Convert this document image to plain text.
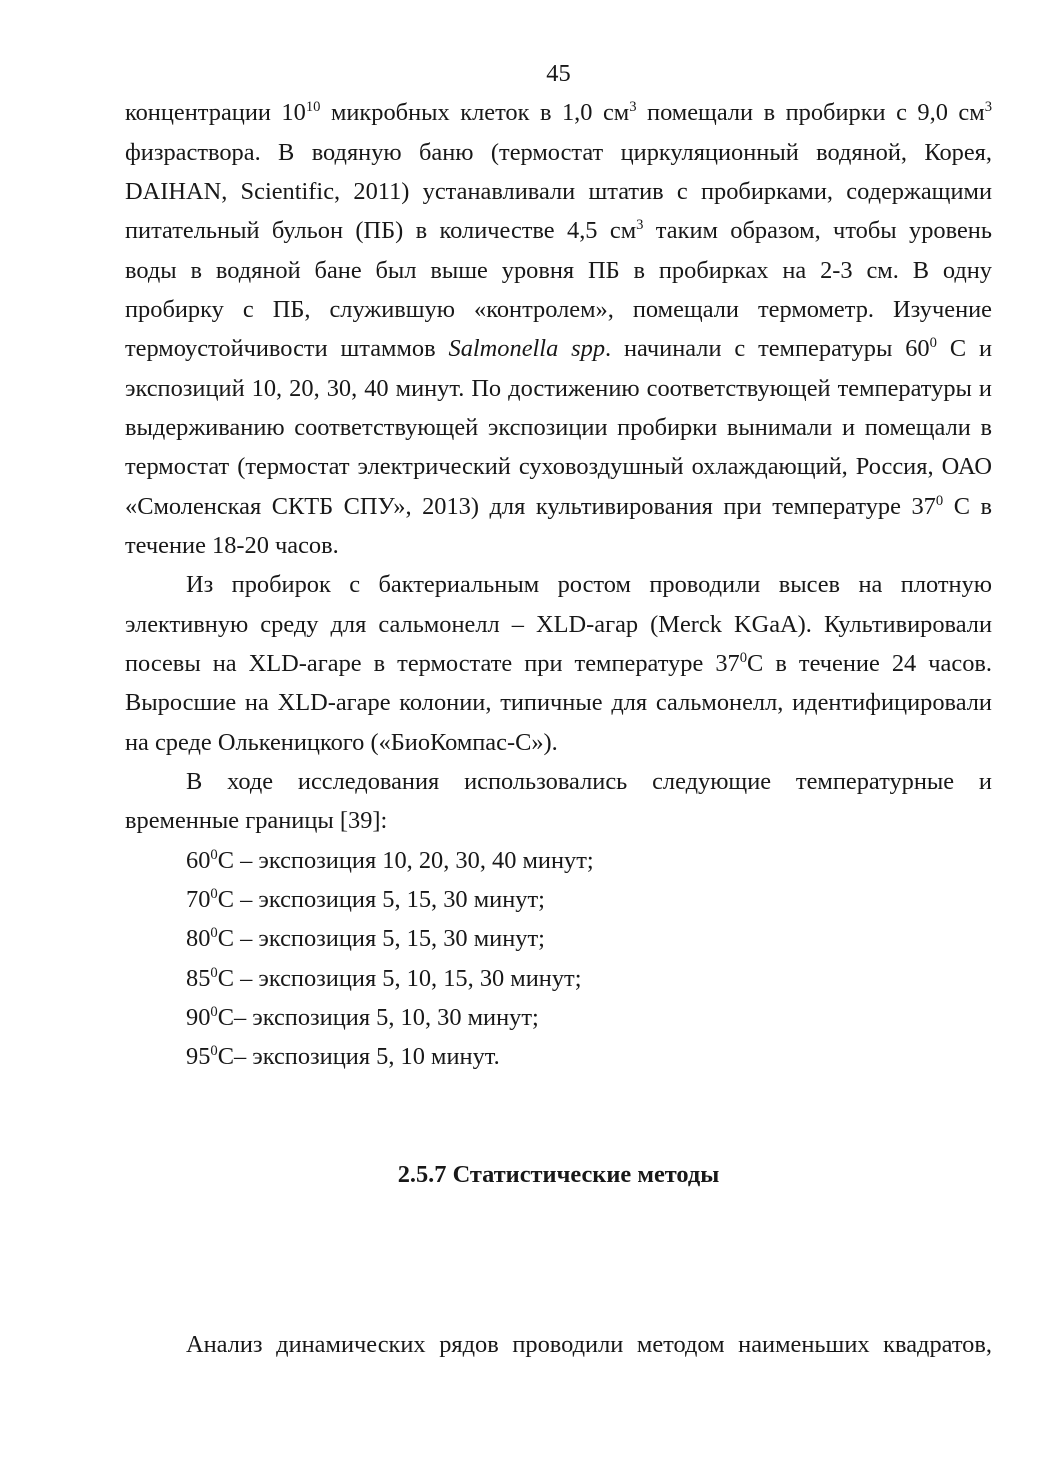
45
концентрации $10^{10}$ микробных клеток в 1,0 $см^3$ помещали в пробирки с 9,0 $см^3$
физраствора. В водяную баню (термостат циркуляционный водяной, Корея,
DAIHAN, Scientific, 2011) устанавливали штатив с пробирками, содержащими
питательный бульон (ПБ) в количестве 4,5 $см^3$ таким образом, чтобы уровень
воды в водяной бане был выше уровня ПБ в пробирках на 2-3 см. В одну
пробирку с ПБ, служившую «контролем», помещали термометр. Изучение
термоустойчивости штаммов Salmonella spp. начинали с температуры $60^0$ С и
экспозиций 10, 20, 30, 40 минут. По достижению соответствующей температуры и
выдерживанию соответствующей экспозиции пробирки вынимали и помещали в
термостат (термостат электрический суховоздушный охлаждающий, Россия, ОАО
«Смоленская СКТБ СПУ», 2013) для культивирования при температуре $37^0$ С в
течение 18-20 часов.
Из пробирок с бактериальным ростом проводили высев на плотную
элективную среду для сальмонелл – XLD-агар (Merck KGaA). Культивировали
посевы на XLD-агаре в термостате при температуре $37^0С$ в течение 24 часов.
Выросшие на XLD-агаре колонии, типичные для сальмонелл, идентифицировали
на среде Олькеницкого («БиоКомпас-С»).
В ходе исследования использовались следующие температурные и
временные границы [39]:
$60^0С$ – экспозиция 10, 20, 30, 40 минут;
$70^0С$ – экспозиция 5, 15, 30 минут;
$80^0С$ – экспозиция 5, 15, 30 минут;
$85^0С$ – экспозиция 5, 10, 15, 30 минут;
$90^0С-$ экспозиция 5, 10, 30 минут;
$95^0С-$ экспозиция 5, 10 минут.
2.5.7 Статистические методы
Анализ динамических рядов проводили методом наименьших квадратов,
